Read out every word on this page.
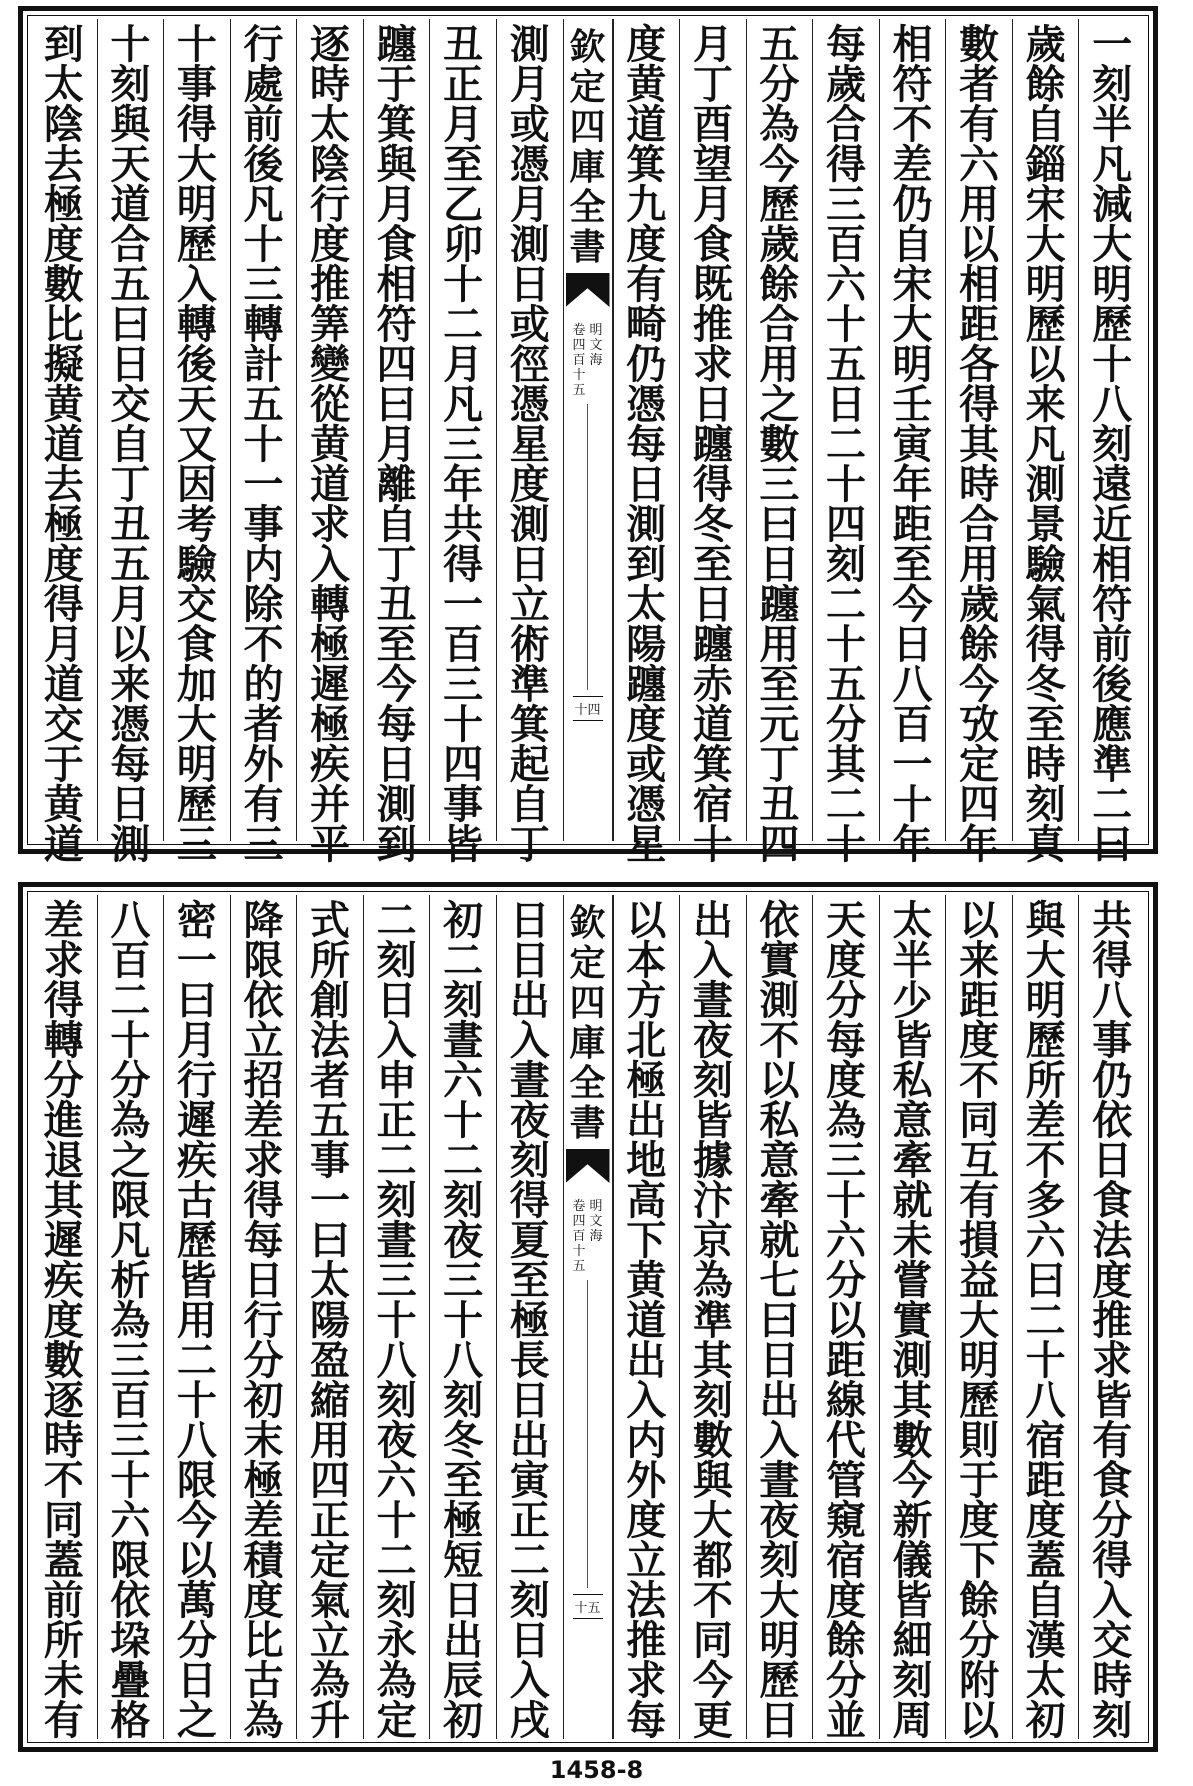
一
刻
半
凡
減
大
明
歷
十
八
刻
遠
近
相
符
前
後
應
準
二
曰
歲
餘
自
錙
宋
大
明
歷
以
来
凡
測
景
驗
氣
得
冬
至
時
刻
真
數
者
有
六
用
以
相
距
各
得
其
時
合
用
歲
餘
今
攷
定
四
年
相
符
不
差
仍
自
宋
大
明
壬
寅
年
距
至
今
日
八
百
一
十
年
每
歲
合
得
三
百
六
十
五
日
二
十
四
刻
二
十
五
分
其
二
十
五
分
為
今
歷
歲
餘
合
用
之
數
三
曰
日
躔
用
至
元
丁
丑
四
月
丁
酉
望
月
食
既
推
求
日
躔
得
冬
至
日
躔
赤
道
箕
宿
十
度
黄
道
箕
九
度
有
畸
仍
憑
每
日
測
到
太
陽
躔
度
或
憑
星
欽
定
四
庫
全
書
卷
四
百
十
五
明
文
海
十四
測
月
或
憑
月
測
日
或
徑
憑
星
度
測
日
立
術
準
箕
起
自
丁
丑
正
月
至
乙
卯
十
二
月
凡
三
年
共
得
一
百
三
十
四
事
皆
躔
于
箕
與
月
食
相
符
四
曰
月
離
自
丁
丑
至
今
每
日
測
到
逐
時
太
陰
行
度
推
筭
變
從
黄
道
求
入
轉
極
遲
極
疾
并
平
行
處
前
後
凡
十
三
轉
計
五
十
一
事
内
除
不
的
者
外
有
三
十
事
得
大
明
歷
入
轉
後
天
又
因
考
驗
交
食
加
大
明
歷
三
十
刻
與
天
道
合
五
曰
日
交
自
丁
丑
五
月
以
来
憑
每
日
測
到
太
陰
去
極
度
數
比
擬
黄
道
去
極
度
得
月
道
交
于
黄
道
共
得
八
事
仍
依
日
食
法
度
推
求
皆
有
食
分
得
入
交
時
刻
與
大
明
歷
所
差
不
多
六
曰
二
十
八
宿
距
度
蓋
自
漢
太
初
以
来
距
度
不
同
互
有
損
益
大
明
歷
則
于
度
下
餘
分
附
以
太
半
少
皆
私
意
牽
就
未
嘗
實
測
其
數
今
新
儀
皆
細
刻
周
天
度
分
每
度
為
三
十
六
分
以
距
線
代
管
窺
宿
度
餘
分
並
依
實
測
不
以
私
意
牽
就
七
曰
日
出
入
晝
夜
刻
大
明
歷
日
出
入
晝
夜
刻
皆
據
汴
京
為
準
其
刻
數
與
大
都
不
同
今
更
以
本
方
北
極
出
地
高
下
黄
道
出
入
内
外
度
立
法
推
求
每
欽
定
四
庫
全
書
卷
四
百
十
五
明
文
海
十五
日
日
出
入
晝
夜
刻
得
夏
至
極
長
日
出
寅
正
二
刻
日
入
戌
初
二
刻
晝
六
十
二
刻
夜
三
十
八
刻
冬
至
極
短
日
出
辰
初
二
刻
日
入
申
正
二
刻
晝
三
十
八
刻
夜
六
十
二
刻
永
為
定
式
所
創
法
者
五
事
一
曰
太
陽
盈
縮
用
四
正
定
氣
立
為
升
降
限
依
立
招
差
求
得
每
日
行
分
初
末
極
差
積
度
比
古
為
密
一
曰
月
行
遲
疾
古
歷
皆
用
二
十
八
限
今
以
萬
分
日
之
八
百
二
十
分
為
之
限
凡
析
為
三
百
三
十
六
限
依
垜
疊
格
差
求
得
轉
分
進
退
其
遲
疾
度
數
逐
時
不
同
蓋
前
所
未
有
1458-8
